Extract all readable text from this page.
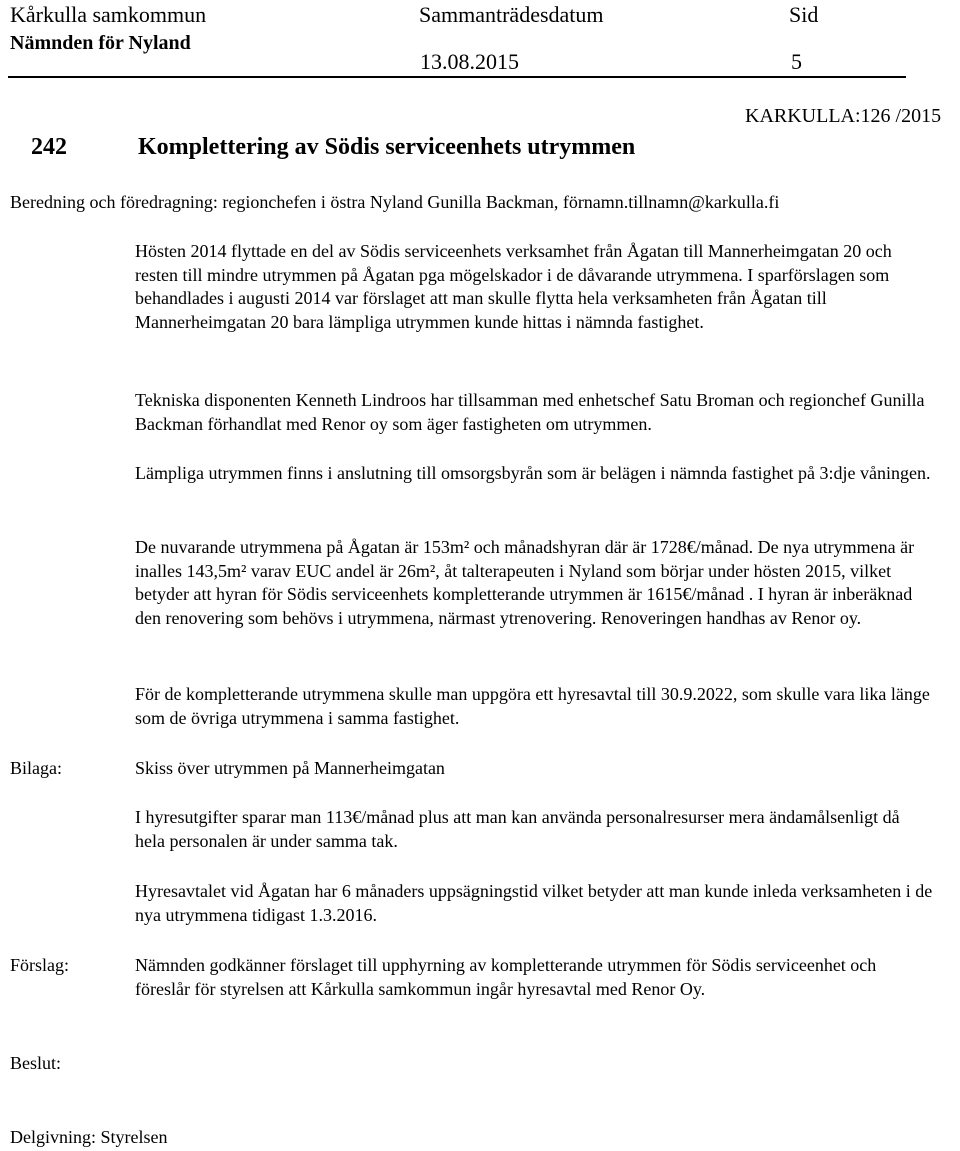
Kårkulla samkommun
Nämnden för Nyland
Sammanträdesdatum
13.08.2015
Sid
5
KARKULLA:126 /2015
242	Komplettering av Södis serviceenhets utrymmen
Beredning och föredragning: regionchefen i östra Nyland Gunilla Backman, förnamn.tillnamn@karkulla.fi
Hösten 2014 flyttade en del av Södis serviceenhets verksamhet från Ågatan till Mannerheimgatan 20 och resten till mindre utrymmen på Ågatan pga mögelskador i de dåvarande utrymmena. I sparförslagen som behandlades i augusti 2014 var förslaget att man skulle flytta hela verksamheten från Ågatan till Mannerheimgatan 20 bara lämpliga utrymmen kunde hittas i nämnda fastighet.
Tekniska disponenten Kenneth Lindroos har tillsamman med enhetschef Satu Broman och regionchef Gunilla Backman förhandlat med Renor oy som äger fastigheten om utrymmen.
Lämpliga utrymmen finns i anslutning till omsorgsbyrån som är belägen i nämnda fastighet på 3:dje våningen.
De nuvarande utrymmena på Ågatan är 153m² och månadshyran där är 1728€/månad. De nya utrymmena är inalles 143,5m² varav EUC andel är 26m², åt talterapeuten i Nyland som börjar under hösten 2015, vilket betyder att hyran för Södis serviceenhets kompletterande utrymmen är 1615€/månad . I hyran är inberäknad den renovering som behövs i utrymmena, närmast ytrenovering. Renoveringen handhas av Renor oy.
För de kompletterande utrymmena skulle man uppgöra ett hyresavtal till 30.9.2022, som skulle vara lika länge som de övriga utrymmena i samma fastighet.
Bilaga:	Skiss över utrymmen på Mannerheimgatan
I hyresutgifter sparar man 113€/månad plus att man kan använda personalresurser mera ändamålsenligt då hela personalen är under samma tak.
Hyresavtalet vid Ågatan har 6 månaders uppsägningstid vilket betyder att man kunde inleda verksamheten i de nya utrymmena tidigast 1.3.2016.
Förslag:	Nämnden godkänner förslaget till upphyrning av kompletterande utrymmen för Södis serviceenhet och föreslår för styrelsen att Kårkulla samkommun ingår hyresavtal med Renor Oy.
Beslut:
Delgivning: Styrelsen
